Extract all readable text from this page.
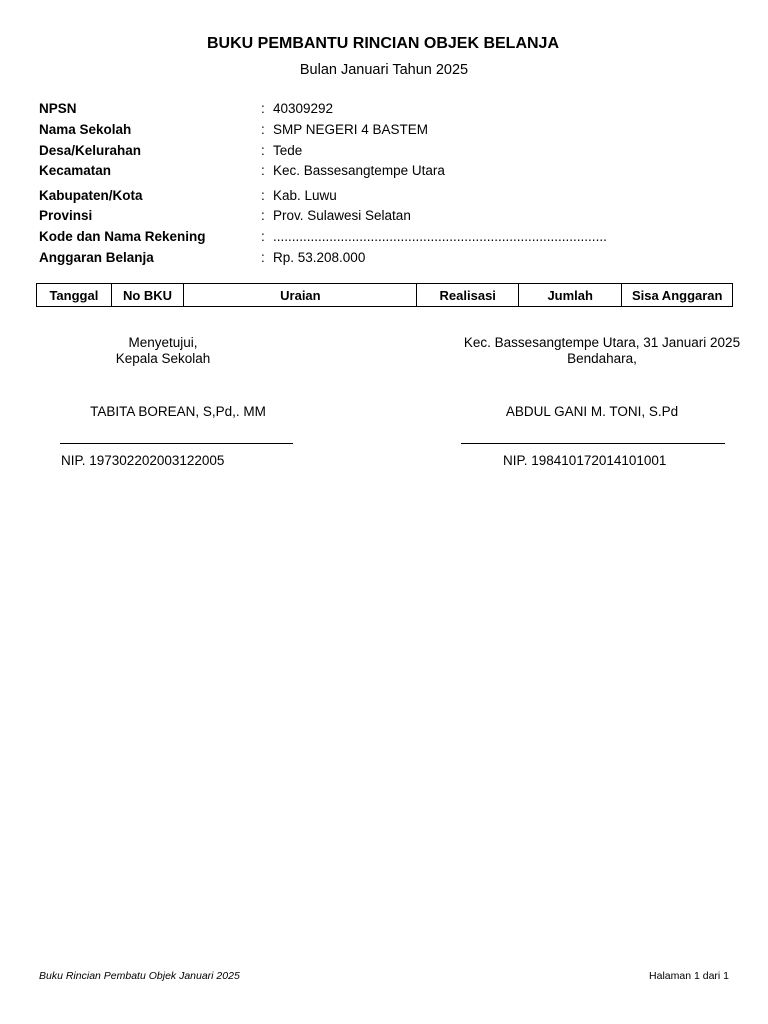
BUKU PEMBANTU RINCIAN OBJEK BELANJA
Bulan Januari Tahun 2025
NPSN	: 40309292
Nama Sekolah	: SMP NEGERI 4 BASTEM
Desa/Kelurahan	: Tede
Kecamatan	: Kec. Bassesangtempe Utara
Kabupaten/Kota	: Kab. Luwu
Provinsi	: Prov. Sulawesi Selatan
Kode dan Nama Rekening	: .........................................................................................
Anggaran Belanja	: Rp. 53.208.000
Tanggal	No BKU	Uraian	Realisasi	Jumlah	Sisa Anggaran
Menyetujui,
Kepala Sekolah
TABITA BOREAN, S,Pd,. MM
NIP. 197302202003122005
Kec. Bassesangtempe Utara, 31 Januari 2025
Bendahara,
ABDUL GANI M. TONI, S.Pd
NIP. 198410172014101001
Buku Rincian Pembatu Objek Januari 2025	Halaman 1 dari 1
